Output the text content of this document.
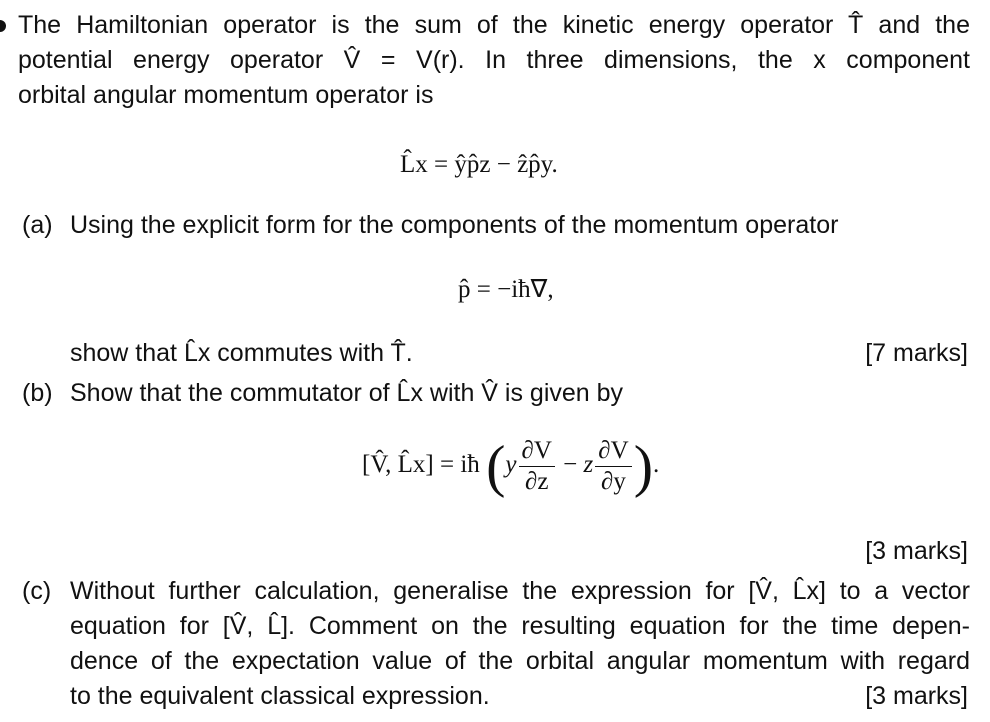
The Hamiltonian operator is the sum of the kinetic energy operator T̂ and the
potential energy operator V̂ = V(r). In three dimensions, the x component
orbital angular momentum operator is
L̂x = ŷp̂z − ẑp̂y.
(a) Using the explicit form for the components of the momentum operator
p̂ = −iħ∇,
show that L̂x commutes with T̂.	[7 marks]
(b) Show that the commutator of L̂x with V̂ is given by
[V̂, L̂x] = iħ ($y \frac{\partial V}{\partial z} - z \frac{\partial V}{\partial y}$ ).
[3 marks]
(c) Without further calculation, generalise the expression for [V̂, L̂x] to a vector
equation for [V̂, L̂]. Comment on the resulting equation for the time depen-
dence of the expectation value of the orbital angular momentum with regard
to the equivalent classical expression.	[3 marks]
